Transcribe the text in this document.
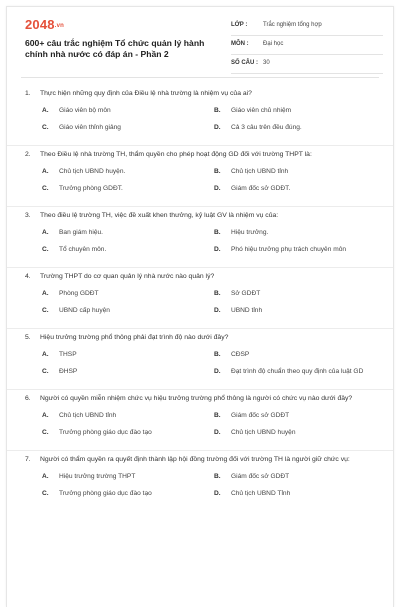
2048.vn
600+ câu trắc nghiệm Tổ chức quản lý hành chính nhà nước có đáp án - Phần 2
LỚP :	Trắc nghiệm tổng hợp
MÔN : Đại học
SỐ CÂU : 30
1. Thực hiện những quy định của Điều lệ nhà trường là nhiệm vụ của ai?
A. Giáo viên bộ môn	B. Giáo viên chủ nhiệm
C. Giáo viên thỉnh giảng	D. Cả 3 câu trên đều đúng.
2. Theo Điều lệ nhà trường TH, thẩm quyền cho phép hoạt động GD đối với trường THPT là:
A. Chủ tịch UBND huyện.	B. Chủ tịch UBND tỉnh
C. Trưởng phòng GDĐT.	D. Giám đốc sở GDĐT.
3. Theo điều lệ trường TH, việc đề xuất khen thưởng, kỷ luật GV là nhiệm vụ của:
A. Ban giám hiệu.	B. Hiệu trưởng.
C. Tổ chuyên môn.	D. Phó hiệu trưởng phụ trách chuyên môn
4. Trường THPT do cơ quan quản lý nhà nước nào quản lý?
A. Phòng GDĐT	B. Sở GDĐT
C. UBND cấp huyện	D. UBND tỉnh
5. Hiệu trưởng trường phổ thông phải đạt trình độ nào dưới đây?
A. THSP	B. CĐSP
C. ĐHSP	D. Đạt trình độ chuẩn theo quy định của luật GD
6. Người có quyền miễn nhiệm chức vụ hiệu trưởng trường phổ thông là người có chức vụ nào dưới đây?
A. Chủ tịch UBND tỉnh	B. Giám đốc sở GDĐT
C. Trưởng phòng giáo dục đào tạo	D. Chủ tịch UBND huyện
7. Người có thẩm quyền ra quyết định thành lập hội đồng trường đối với trường TH là người giữ chức vụ:
A. Hiệu trưởng trường THPT	B. Giám đốc sở GDĐT
C. Trưởng phòng giáo dục đào tạo	D. Chủ tịch UBND Tỉnh
